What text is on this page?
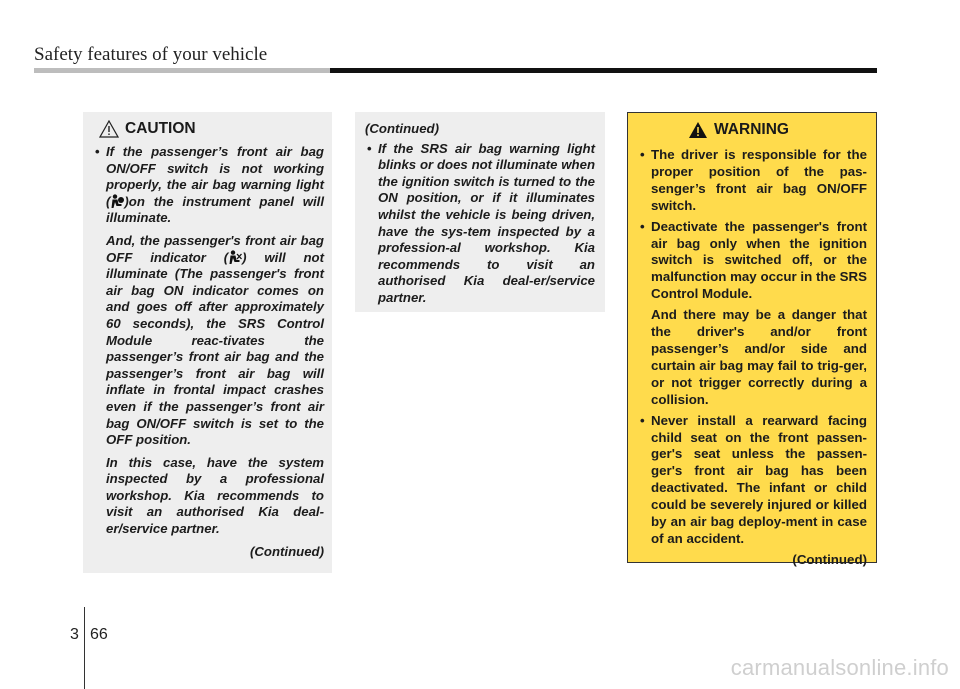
Safety features of your vehicle
CAUTION

• If the passenger’s front air bag ON/OFF switch is not working properly, the air bag warning light ( )on the instrument panel will illuminate.

And, the passenger's front air bag OFF indicator ( ) will not illuminate (The passenger's front air bag ON indicator comes on and goes off after approximately 60 seconds), the SRS Control Module reac-tivates the passenger’s front air bag and the passenger’s front air bag will inflate in frontal impact crashes even if the passenger’s front air bag ON/OFF switch is set to the OFF position.

In this case, have the system inspected by a professional workshop. Kia recommends to visit an authorised Kia deal-er/service partner.

(Continued)

(Continued)

• If the SRS air bag warning light blinks or does not illuminate when the ignition switch is turned to the ON position, or if it illuminates whilst the vehicle is being driven, have the sys-tem inspected by a profession-al workshop. Kia recommends to visit an authorised Kia deal-er/service partner.

WARNING

• The driver is responsible for the proper position of the pas-senger’s front air bag ON/OFF switch.

• Deactivate the passenger's front air bag only when the ignition switch is switched off, or the malfunction may occur in the SRS Control Module.

And there may be a danger that the driver's and/or front passenger’s and/or side and curtain air bag may fail to trig-ger, or not trigger correctly during a collision.

• Never install a rearward facing child seat on the front passen-ger's seat unless the passen-ger's front air bag has been deactivated. The infant or child could be severely injured or killed by an air bag deploy-ment in case of an accident.

(Continued)

3 66
carmanualsonline.info
